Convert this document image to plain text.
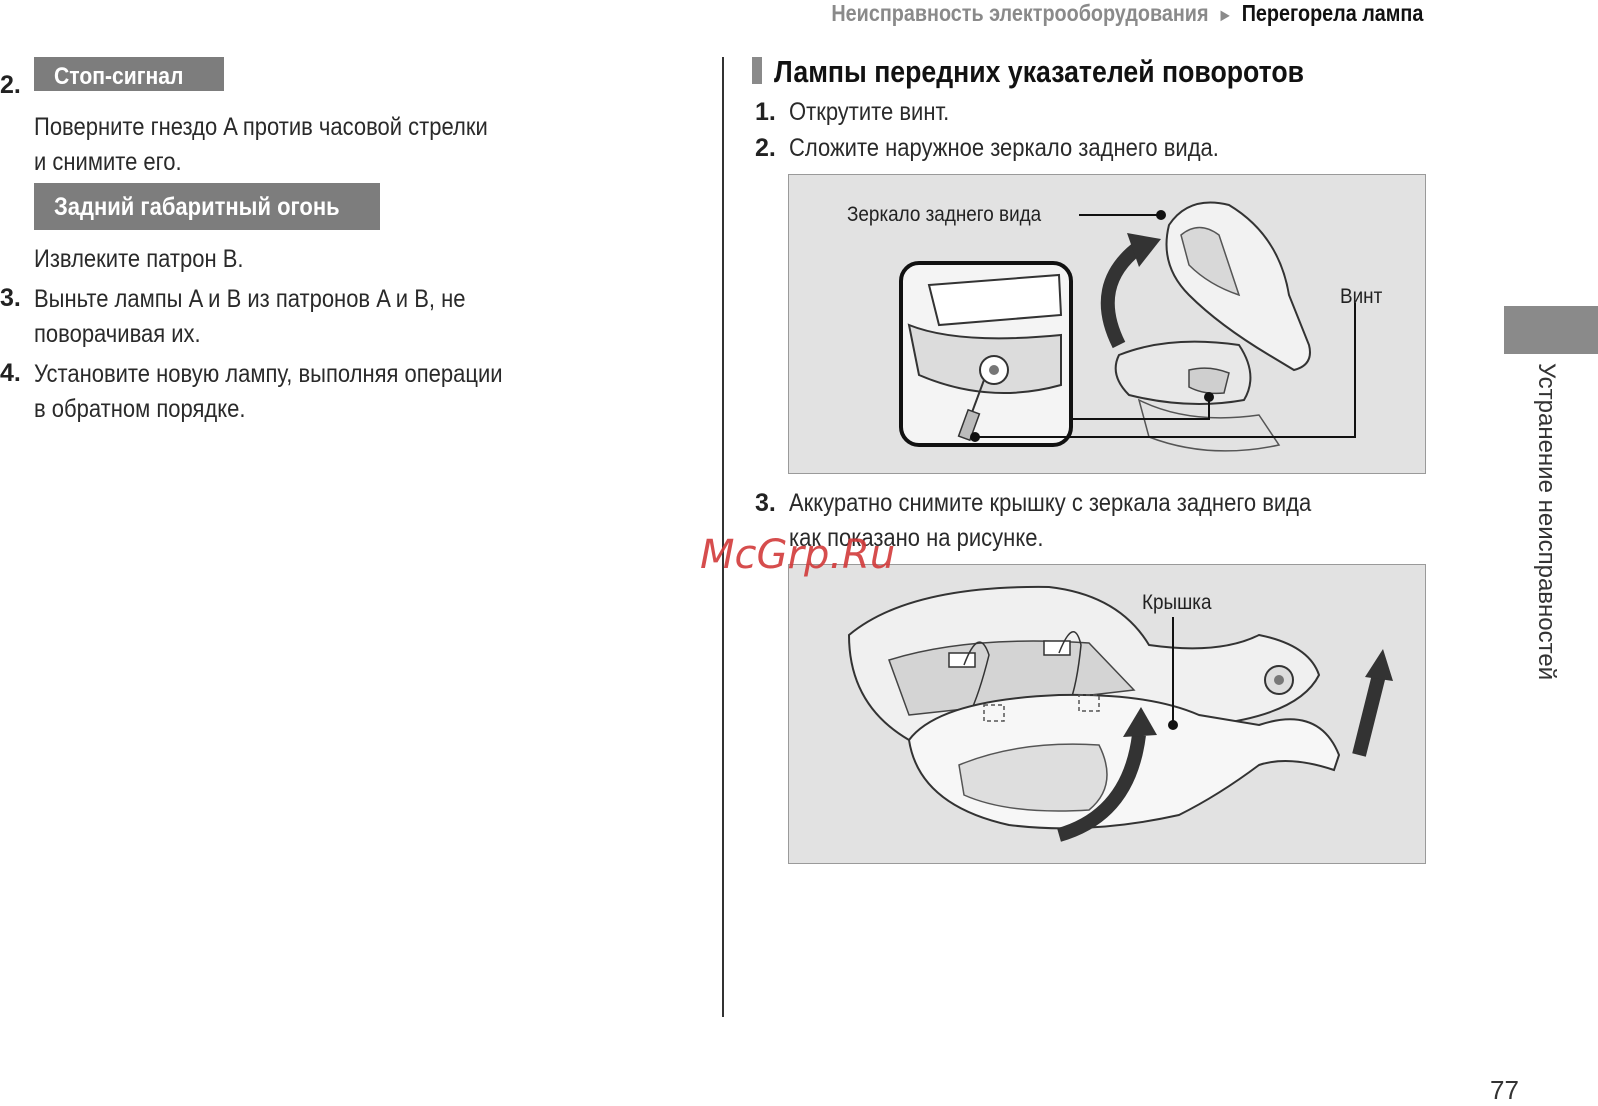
Неисправность электрооборудования ► Перегорела лампа
2.	Стоп-сигнал
Поверните гнездо A против часовой стрелки
и снимите его.
Задний габаритный огонь
Извлеките патрон B.
3. Выньте лампы A и B из патронов A и B, не
поворачивая их.
4. Установите новую лампу, выполняя операции
в обратном порядке.
Лампы передних указателей поворотов
1. Открутите винт.
2. Сложите наружное зеркало заднего вида.
Зеркало заднего вида
Винт
3. Аккуратно снимите крышку с зеркала заднего вида
как показано на рисунке.
Крышка	Устранение неисправностей
77
McGrp.Ru
